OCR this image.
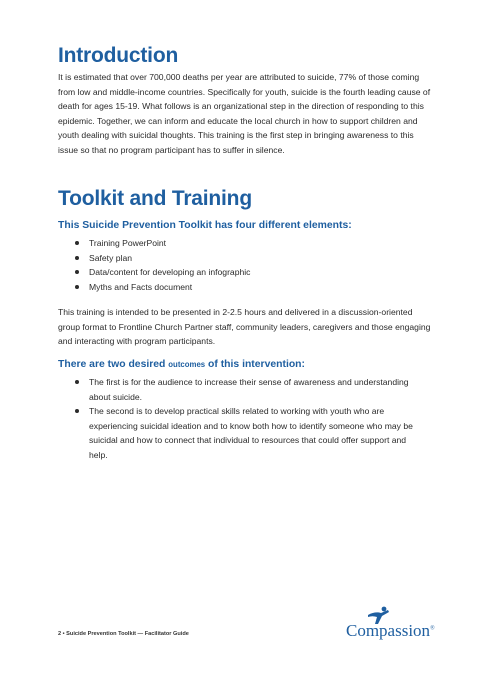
Introduction

It is estimated that over 700,000 deaths per year are attributed to suicide, 77% of those coming from low and middle-income countries. Specifically for youth, suicide is the fourth leading cause of death for ages 15-19. What follows is an organizational step in the direction of responding to this epidemic. Together, we can inform and educate the local church in how to support children and youth dealing with suicidal thoughts. This training is the first step in bringing awareness to this issue so that no program participant has to suffer in silence.

Toolkit and Training
This Suicide Prevention Toolkit has four different elements:
Training PowerPoint
Safety plan
Data/content for developing an infographic
Myths and Facts document

This training is intended to be presented in 2-2.5 hours and delivered in a discussion-oriented group format to Frontline Church Partner staff, community leaders, caregivers and those engaging and interacting with program participants.

There are two desired outcomes of this intervention:
The first is for the audience to increase their sense of awareness and understanding about suicide.
The second is to develop practical skills related to working with youth who are experiencing suicidal ideation and to know both how to identify someone who may be suicidal and how to connect that individual to resources that could offer support and help.
2 • Suicide Prevention Toolkit — Facilitator Guide	Compassion®
